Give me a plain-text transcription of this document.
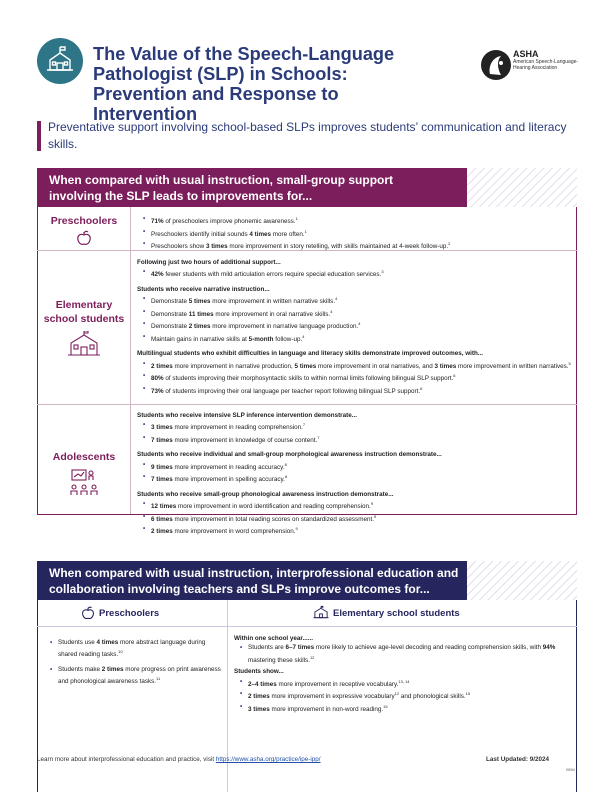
The Value of the Speech-Language
Pathologist (SLP) in Schools:
Prevention and Response to Intervention
ASHA
American Speech-Language-Hearing Association
Preventative support involving school-based SLPs improves students’ communication and literacy skills.
When compared with usual instruction, small-group support involving the SLP leads to improvements for...
Preschoolers
•	71% of preschoolers improve phonemic awareness.$^1$
• Preschoolers identify initial sounds 4 times more often.$^1$
• Preschoolers show 3 times more improvement in story retelling, with skills maintained at 4-week follow-up.$^2$
Elementary
school students
Following just two hours of additional support...
• 42% fewer students with mild articulation errors require special education services.$^3$
Students who receive narrative instruction...
• Demonstrate 5 times more improvement in written narrative skills.$^4$
• Demonstrate 11 times more improvement in oral narrative skills.$^4$
• Demonstrate 2 times more improvement in narrative language production.$^4$
• Maintain gains in narrative skills at 5-month follow-up.$^4$
Multilingual students who exhibit difficulties in language and literacy skills demonstrate improved outcomes, with...
• 2 times more improvement in narrative production, 5 times more improvement in oral narratives, and 3 times more improvement in written narratives.$^5$
• 80% of students improving their morphosyntactic skills to within normal limits following bilingual SLP support.$^6$
• 73% of students improving their oral language per teacher report following bilingual SLP support.$^6$
Adolescents
Students who receive intensive SLP inference intervention demonstrate...
• 3 times more improvement in reading comprehension.$^7$
• 7 times more improvement in knowledge of course content.$^7$
Students who receive individual and small-group morphological awareness instruction demonstrate...
• 9 times more improvement in reading accuracy.$^8$
• 7 times more improvement in spelling accuracy.$^8$
Students who receive small-group phonological awareness instruction demonstrate...
• 12 times more improvement in word identification and reading comprehension.$^9$
• 6 times more improvement in total reading scores on standardized assessment.$^9$
• 2 times more improvement in word comprehension.$^9$
When compared with usual instruction, interprofessional education and collaboration involving teachers and SLPs improve outcomes for...
Preschoolers	Elementary school students
• Students use 4 times more abstract language during shared reading tasks.$^{10}$
• Students make 2 times more progress on print awareness and phonological awareness tasks.$^{11}$
Within one school year......
• Students are 6–7 times more likely to achieve age-level decoding and reading comprehension skills, with 94% mastering these skills.$^{12}$
Students show...
• 2–4 times more improvement in receptive vocabulary.$^{13, 14}$
• 2 times more improvement in expressive vocabulary$^{12}$ and phonological skills.$^{15}$
• 3 times more improvement in non-word reading.$^{15}$
Learn more about interprofessional education and practice, visit https://www.asha.org/practice/ipe-ipp/	Last Updated: 9/2024
I9094
